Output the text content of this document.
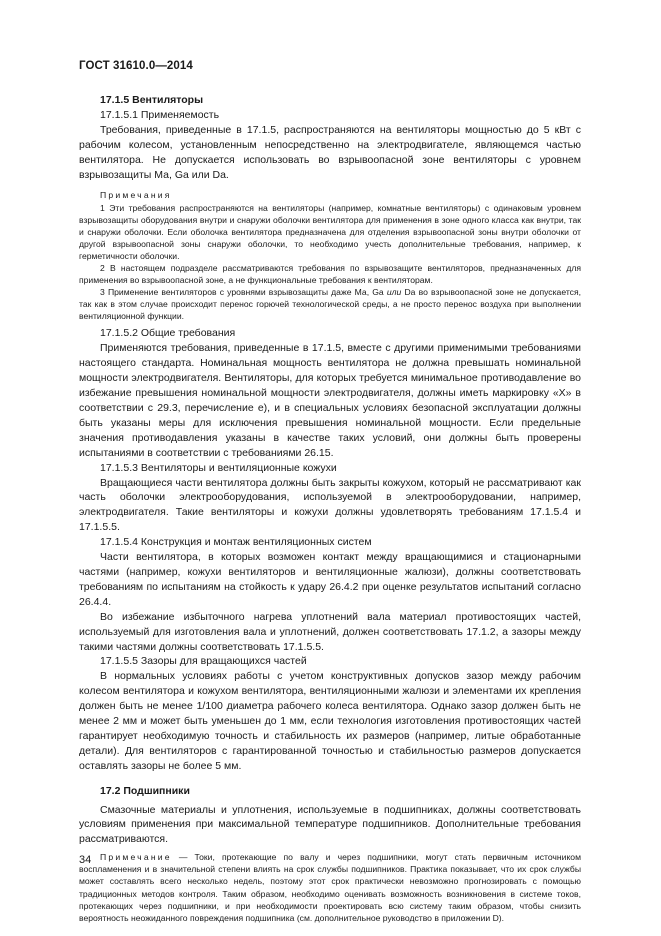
ГОСТ 31610.0—2014

17.1.5 Вентиляторы

17.1.5.1 Применяемость

Требования, приведенные в 17.1.5, распространяются на вентиляторы мощностью до 5 кВт с рабочим колесом, установленным непосредственно на электродвигателе, являющемся частью вентилятора. Не допускается использовать во взрывоопасной зоне вентиляторы с уровнем взрывозащиты Ма, Ga или Da.

Примечания

1 Эти требования распространяются на вентиляторы (например, комнатные вентиляторы) с одинаковым уровнем взрывозащиты оборудования внутри и снаружи оболочки вентилятора для применения в зоне одного класса как внутри, так и снаружи оболочки. Если оболочка вентилятора предназначена для отделения взрывоопасной зоны внутри оболочки от другой взрывоопасной зоны снаружи оболочки, то необходимо учесть дополнительные требования, например, к герметичности оболочки.

2 В настоящем подразделе рассматриваются требования по взрывозащите вентиляторов, предназначенных для применения во взрывоопасной зоне, а не функциональные требования к вентиляторам.

3 Применение вентиляторов с уровнями взрывозащиты даже Ма, Ga или Da во взрывоопасной зоне не допускается, так как в этом случае происходит перенос горючей технологической среды, а не просто перенос воздуха при выполнении вентиляционной функции.

17.1.5.2 Общие требования

Применяются требования, приведенные в 17.1.5, вместе с другими применимыми требованиями настоящего стандарта. Номинальная мощность вентилятора не должна превышать номинальной мощности электродвигателя. Вентиляторы, для которых требуется минимальное противодавление во избежание превышения номинальной мощности электродвигателя, должны иметь маркировку «X» в соответствии с 29.3, перечисление е), и в специальных условиях безопасной эксплуатации должны быть указаны меры для исключения превышения номинальной мощности. Если предельные значения противодавления указаны в качестве таких условий, они должны быть проверены испытаниями в соответствии с требованиями 26.15.

17.1.5.3 Вентиляторы и вентиляционные кожухи

Вращающиеся части вентилятора должны быть закрыты кожухом, который не рассматривают как часть оболочки электрооборудования, используемой в электрооборудовании, например, электродвигателя. Такие вентиляторы и кожухи должны удовлетворять требованиям 17.1.5.4 и 17.1.5.5.

17.1.5.4 Конструкция и монтаж вентиляционных систем

Части вентилятора, в которых возможен контакт между вращающимися и стационарными частями (например, кожухи вентиляторов и вентиляционные жалюзи), должны соответствовать требованиям по испытаниям на стойкость к удару 26.4.2 при оценке результатов испытаний согласно 26.4.4.

Во избежание избыточного нагрева уплотнений вала материал противостоящих частей, используемый для изготовления вала и уплотнений, должен соответствовать 17.1.2, а зазоры между такими частями должны соответствовать 17.1.5.5.

17.1.5.5 Зазоры для вращающихся частей

В нормальных условиях работы с учетом конструктивных допусков зазор между рабочим колесом вентилятора и кожухом вентилятора, вентиляционными жалюзи и элементами их крепления должен быть не менее 1/100 диаметра рабочего колеса вентилятора. Однако зазор должен быть не менее 2 мм и может быть уменьшен до 1 мм, если технология изготовления противостоящих частей гарантирует необходимую точность и стабильность их размеров (например, литые обработанные детали). Для вентиляторов с гарантированной точностью и стабильностью размеров допускается оставлять зазоры не более 5 мм.

17.2 Подшипники

Смазочные материалы и уплотнения, используемые в подшипниках, должны соответствовать условиям применения при максимальной температуре подшипников. Дополнительные требования рассматриваются.

Примечание — Токи, протекающие по валу и через подшипники, могут стать первичным источником воспламенения и в значительной степени влиять на срок службы подшипников. Практика показывает, что их срок службы может составлять всего несколько недель, поэтому этот срок практически невозможно прогнозировать с помощью традиционных методов контроля. Таким образом, необходимо оценивать возможность возникновения в системе токов, протекающих через подшипники, и при необходимости проектировать всю систему таким образом, чтобы снизить вероятность неожиданного повреждения подшипника (см. дополнительное руководство в приложении D).

34
